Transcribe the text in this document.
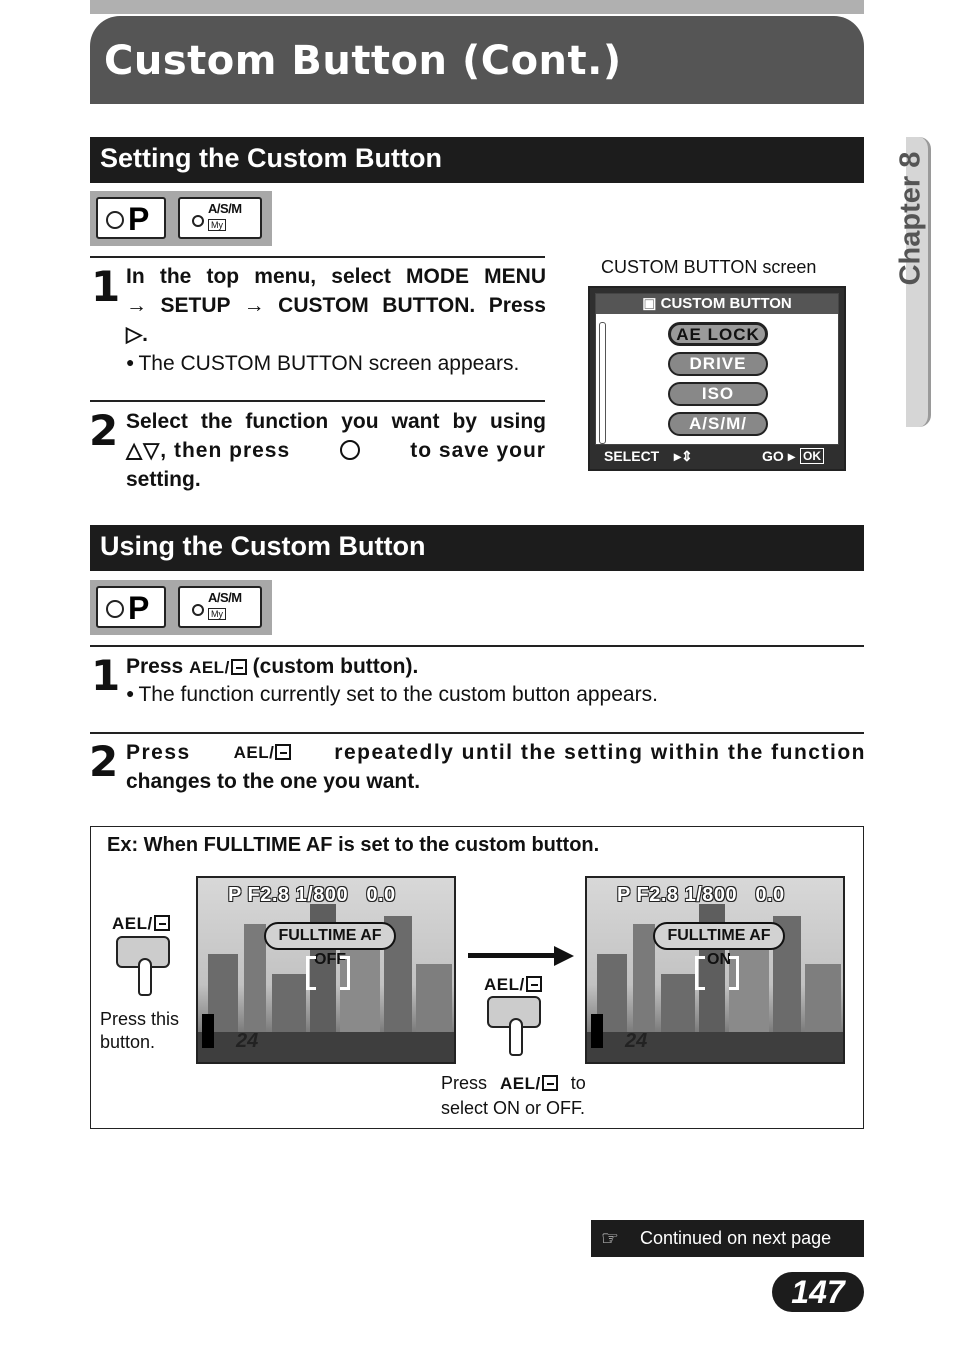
Custom Button (Cont.)
Chapter 8
Setting the Custom Button
P	A/S/M
My
1 In the top menu, select MODE MENU
→ SETUP → CUSTOM BUTTON. Press
▷.
● The CUSTOM BUTTON screen appears.
2 Select the function you want by using
△▽, then press	to save your
setting.
CUSTOM BUTTON screen
▣ CUSTOM BUTTON
AE LOCK
DRIVE
ISO
A/S/M/
SELECT ▸⇕	GO ▸ OK
Using the Custom Button
P	A/S/M
My
1 Press AEL/ (custom button).
● The function currently set to the custom button appears.
2 Press	AEL/	repeatedly until the setting within the function
changes to the one you want.
Ex: When FULLTIME AF is set to the custom button.
AEL/
Press this
button.
P F2.8 1/800   0.0
FULLTIME AF OFF
24
AEL/
Press AEL/ to
select ON or OFF.
P F2.8 1/800   0.0
FULLTIME AF ON
24
☞ Continued on next page
147
